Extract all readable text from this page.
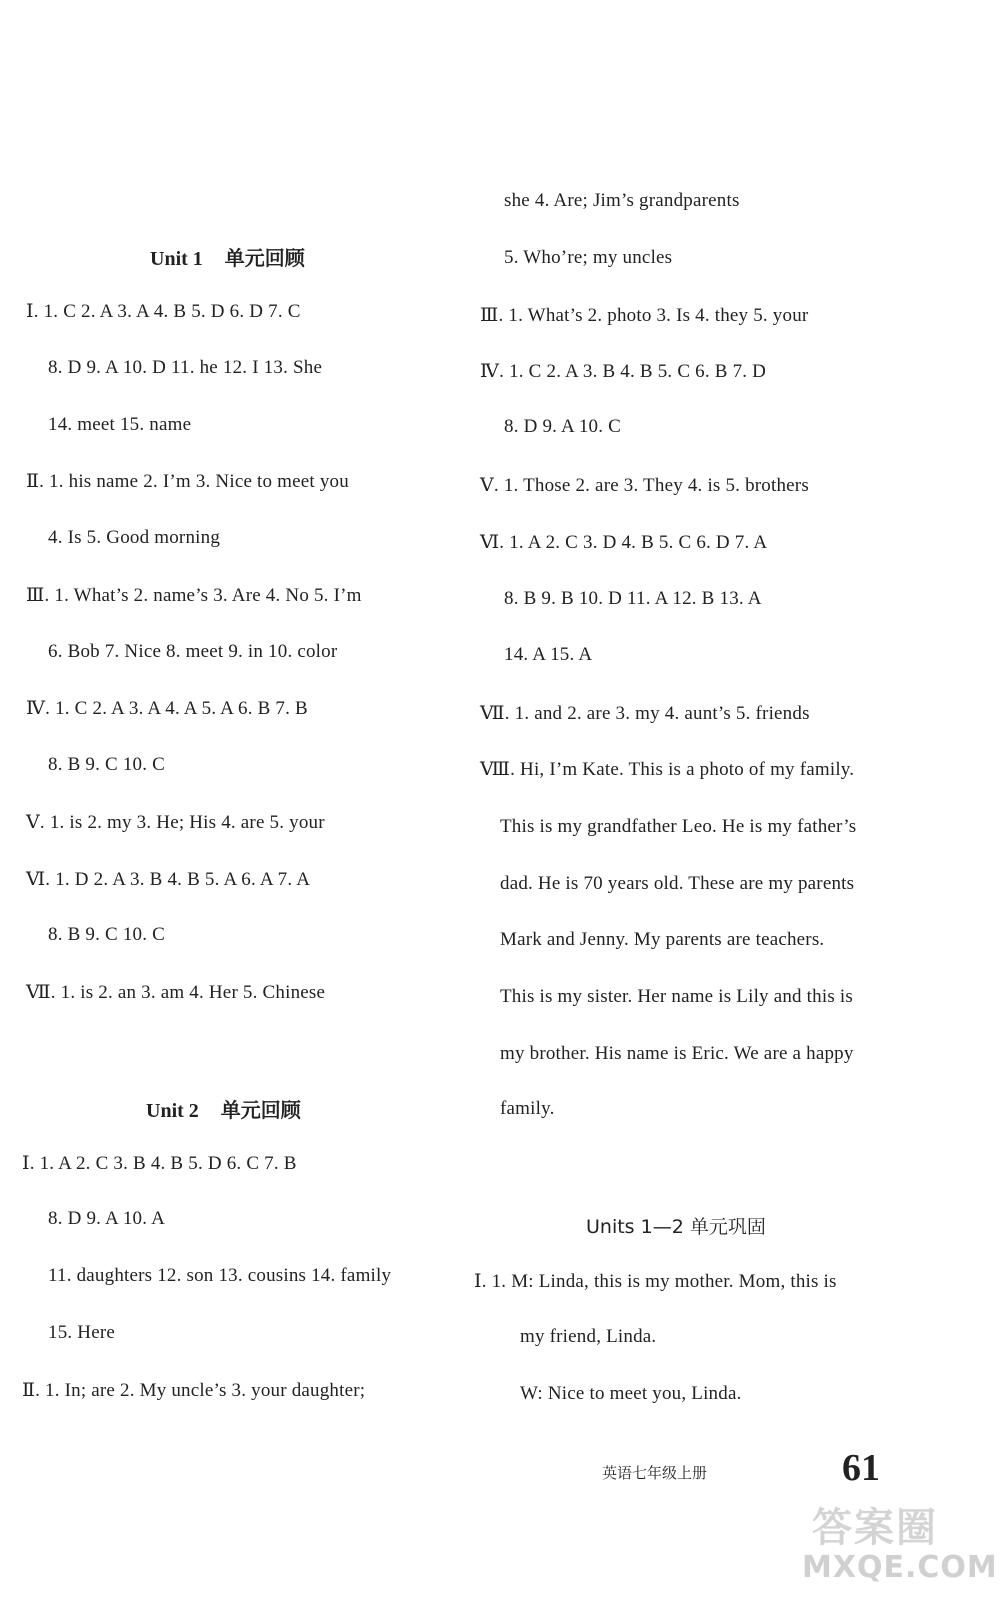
Unit 1 单元回顾
Ⅰ. 1. C 2. A 3. A 4. B 5. D 6. D 7. C
8. D 9. A 10. D 11. he 12. I 13. She
14. meet 15. name
Ⅱ. 1. his name 2. I’m 3. Nice to meet you
4. Is 5. Good morning
Ⅲ. 1. What’s 2. name’s 3. Are 4. No 5. I’m
6. Bob 7. Nice 8. meet 9. in 10. color
Ⅳ. 1. C 2. A 3. A 4. A 5. A 6. B 7. B
8. B 9. C 10. C
Ⅴ. 1. is 2. my 3. He; His 4. are 5. your
Ⅵ. 1. D 2. A 3. B 4. B 5. A 6. A 7. A
8. B 9. C 10. C
Ⅶ. 1. is 2. an 3. am 4. Her 5. Chinese
Unit 2 单元回顾
Ⅰ. 1. A 2. C 3. B 4. B 5. D 6. C 7. B
8. D 9. A 10. A
11. daughters 12. son 13. cousins 14. family
15. Here
Ⅱ. 1. In; are 2. My uncle’s 3. your daughter;
she 4. Are; Jim’s grandparents
5. Who’re; my uncles
Ⅲ. 1. What’s 2. photo 3. Is 4. they 5. your
Ⅳ. 1. C 2. A 3. B 4. B 5. C 6. B 7. D
8. D 9. A 10. C
Ⅴ. 1. Those 2. are 3. They 4. is 5. brothers
Ⅵ. 1. A 2. C 3. D 4. B 5. C 6. D 7. A
8. B 9. B 10. D 11. A 12. B 13. A
14. A 15. A
Ⅶ. 1. and 2. are 3. my 4. aunt’s 5. friends
Ⅷ. Hi, I’m Kate. This is a photo of my family.
This is my grandfather Leo. He is my father’s
dad. He is 70 years old. These are my parents
Mark and Jenny. My parents are teachers.
This is my sister. Her name is Lily and this is
my brother. His name is Eric. We are a happy
family.
Units 1—2 单元巩固
Ⅰ. 1. M: Linda, this is my mother. Mom, this is
my friend, Linda.
W: Nice to meet you, Linda.
英语七年级上册	61
答案圈
MXQE.COM
